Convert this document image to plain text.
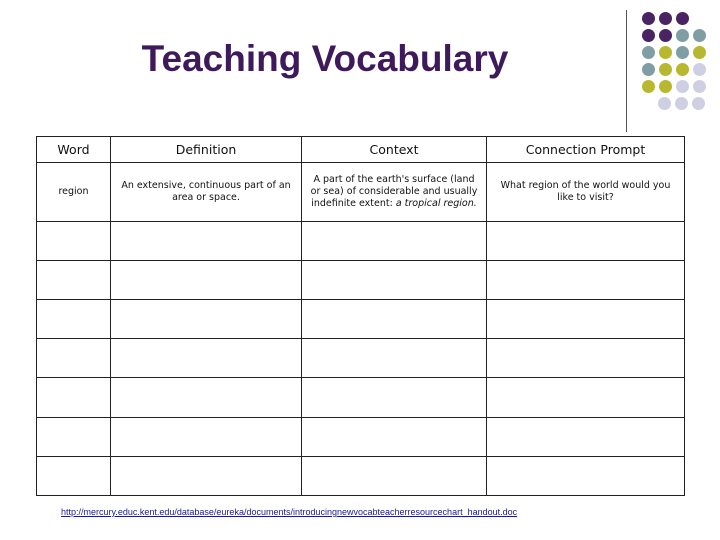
Teaching Vocabulary
Word	Definition	Context	Connection Prompt
region	An extensive, continuous part of an area or space.	A part of the earth's surface (land or sea) of considerable and usually indefinite extent: a tropical region.	What region of the world would you like to visit?

http://mercury.educ.kent.edu/database/eureka/documents/introducingnewvocabteacherresourcechart_handout.doc
